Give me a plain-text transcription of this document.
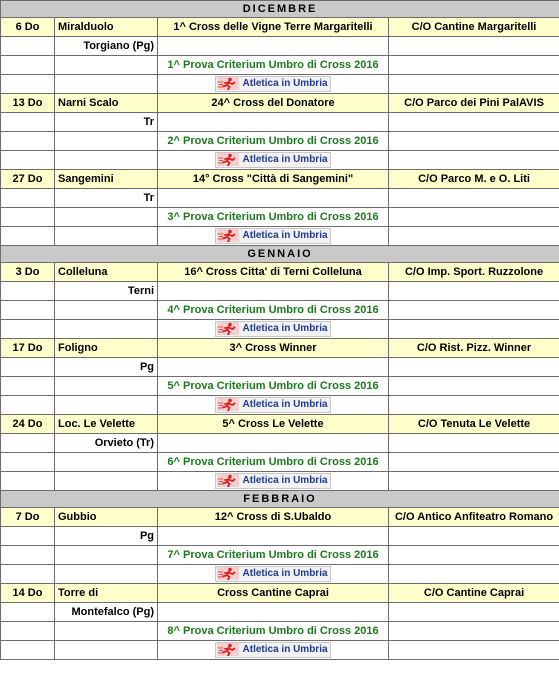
DICEMBRE			
6 Do	Miralduolo	1^ Cross delle Vigne Terre Margaritelli	C/O Cantine Margaritelli
	Torgiano (Pg)		
		1^ Prova Criterium Umbro di Cross 2016	
		Atletica in Umbria	
13 Do	Narni Scalo	24^ Cross del Donatore	C/O Parco dei Pini PalAVIS
	Tr		
		2^ Prova Criterium Umbro di Cross 2016	
		Atletica in Umbria	
27 Do	Sangemini	14° Cross "Città di Sangemini"	C/O Parco M. e O. Liti
	Tr		
		3^ Prova Criterium Umbro di Cross 2016	
		Atletica in Umbria	
GENNAIO			
3 Do	Colleluna	16^ Cross Citta' di Terni Colleluna	C/O Imp. Sport. Ruzzolone
	Terni		
		4^ Prova Criterium Umbro di Cross 2016	
		Atletica in Umbria	
17 Do	Foligno	3^ Cross Winner	C/O Rist. Pizz. Winner
	Pg		
		5^ Prova Criterium Umbro di Cross 2016	
		Atletica in Umbria	
24 Do	Loc. Le Velette	5^ Cross Le Velette	C/O Tenuta Le Velette
	Orvieto (Tr)		
		6^ Prova Criterium Umbro di Cross 2016	
		Atletica in Umbria	
FEBBRAIO			
7 Do	Gubbio	12^ Cross di S.Ubaldo	C/O Antico Anfiteatro Romano
	Pg		
		7^ Prova Criterium Umbro di Cross 2016	
		Atletica in Umbria	
14 Do	Torre di	Cross Cantine Caprai	C/O Cantine Caprai
	Montefalco (Pg)		
		8^ Prova Criterium Umbro di Cross 2016	
		Atletica in Umbria	
